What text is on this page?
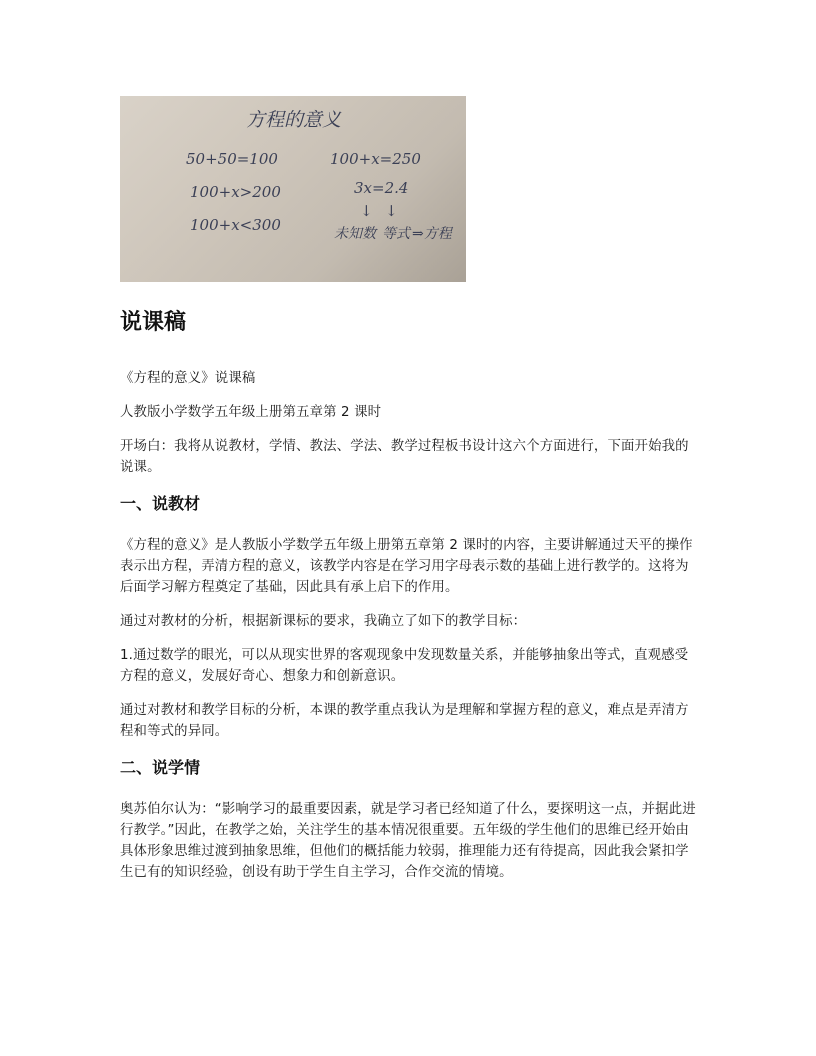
方程的意义
50+50=100	100+x=250
100+x>200	3x=2.4
100+x<300
↓ ↓
未知数 等式 ⇒方程
说课稿

《方程的意义》说课稿

人教版小学数学五年级上册第五章第 2 课时

开场白：我将从说教材，学情、教法、学法、教学过程板书设计这六个方面进行，下面开始我的说课。

一、说教材

《方程的意义》是人教版小学数学五年级上册第五章第 2 课时的内容，主要讲解通过天平的操作表示出方程，弄清方程的意义，该教学内容是在学习用字母表示数的基础上进行教学的。这将为后面学习解方程奠定了基础，因此具有承上启下的作用。

通过对教材的分析，根据新课标的要求，我确立了如下的教学目标：

1.通过数学的眼光，可以从现实世界的客观现象中发现数量关系，并能够抽象出等式，直观感受方程的意义，发展好奇心、想象力和创新意识。

通过对教材和教学目标的分析，本课的教学重点我认为是理解和掌握方程的意义，难点是弄清方程和等式的异同。

二、说学情

奥苏伯尔认为：“影响学习的最重要因素，就是学习者已经知道了什么，要探明这一点，并据此进行教学。”因此，在教学之始，关注学生的基本情况很重要。五年级的学生他们的思维已经开始由具体形象思维过渡到抽象思维，但他们的概括能力较弱，推理能力还有待提高，因此我会紧扣学生已有的知识经验，创设有助于学生自主学习，合作交流的情境。
